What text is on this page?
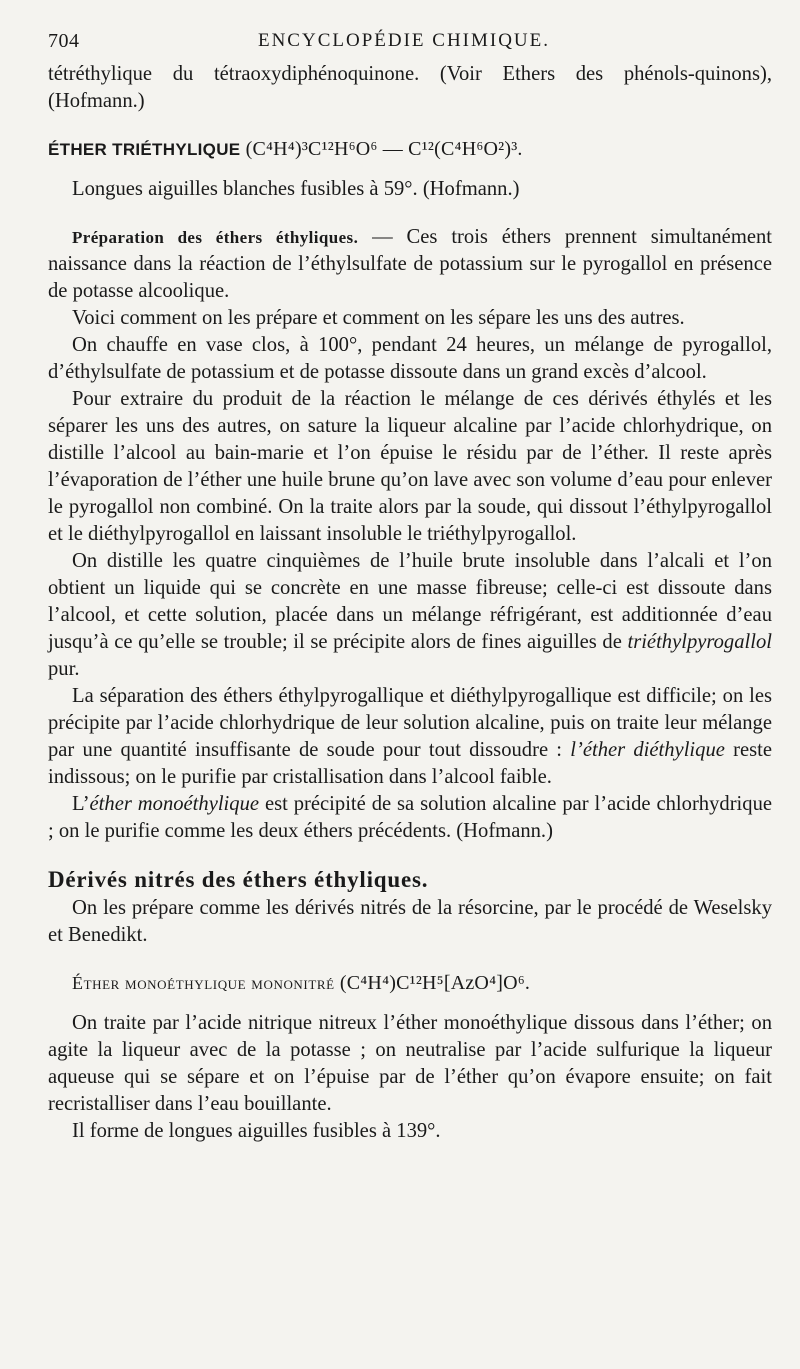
704	ENCYCLOPÉDIE CHIMIQUE.

tétréthylique du tétraoxydiphénoquinone. (Voir Ethers des phénols-quinons), (Hofmann.)

ÉTHER TRIÉTHYLIQUE (C⁴H⁴)³C¹²H⁶O⁶ — C¹²(C⁴H⁶O²)³.

Longues aiguilles blanches fusibles à 59°. (Hofmann.)

Préparation des éthers éthyliques. — Ces trois éthers prennent simultanément naissance dans la réaction de l’éthylsulfate de potassium sur le pyrogallol en présence de potasse alcoolique.

Voici comment on les prépare et comment on les sépare les uns des autres.

On chauffe en vase clos, à 100°, pendant 24 heures, un mélange de pyrogallol, d’éthylsulfate de potassium et de potasse dissoute dans un grand excès d’alcool.

Pour extraire du produit de la réaction le mélange de ces dérivés éthylés et les séparer les uns des autres, on sature la liqueur alcaline par l’acide chlorhydrique, on distille l’alcool au bain-marie et l’on épuise le résidu par de l’éther. Il reste après l’évaporation de l’éther une huile brune qu’on lave avec son volume d’eau pour enlever le pyrogallol non combiné. On la traite alors par la soude, qui dissout l’éthylpyrogallol et le diéthylpyrogallol en laissant insoluble le triéthylpyrogallol.

On distille les quatre cinquièmes de l’huile brute insoluble dans l’alcali et l’on obtient un liquide qui se concrète en une masse fibreuse; celle-ci est dissoute dans l’alcool, et cette solution, placée dans un mélange réfrigérant, est additionnée d’eau jusqu’à ce qu’elle se trouble; il se précipite alors de fines aiguilles de triéthylpyrogallol pur.

La séparation des éthers éthylpyrogallique et diéthylpyrogallique est difficile; on les précipite par l’acide chlorhydrique de leur solution alcaline, puis on traite leur mélange par une quantité insuffisante de soude pour tout dissoudre : l’éther diéthylique reste indissous; on le purifie par cristallisation dans l’alcool faible.

L’éther monoéthylique est précipité de sa solution alcaline par l’acide chlorhydrique ; on le purifie comme les deux éthers précédents. (Hofmann.)

Dérivés nitrés des éthers éthyliques.

On les prépare comme les dérivés nitrés de la résorcine, par le procédé de Weselsky et Benedikt.

Éther monoéthylique mononitré (C⁴H⁴)C¹²H⁵[AzO⁴]O⁶.

On traite par l’acide nitrique nitreux l’éther monoéthylique dissous dans l’éther; on agite la liqueur avec de la potasse ; on neutralise par l’acide sulfurique la liqueur aqueuse qui se sépare et on l’épuise par de l’éther qu’on évapore ensuite; on fait recristalliser dans l’eau bouillante.

Il forme de longues aiguilles fusibles à 139°.
